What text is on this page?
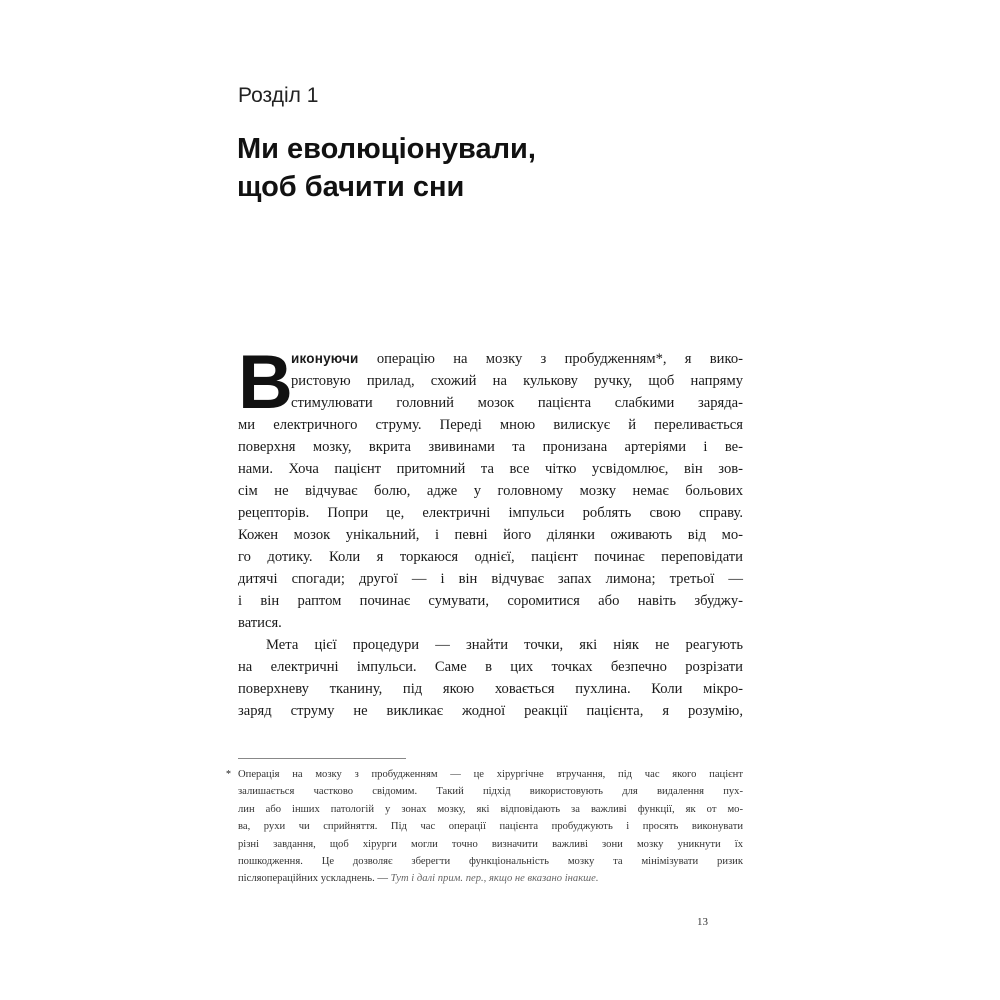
Розділ 1

Ми еволюціонували,
щоб бачити сни
В
иконуючи операцію на мозку з пробудженням*, я вико-
ристовую прилад, схожий на кулькову ручку, щоб напряму
стимулювати головний мозок пацієнта слабкими заряда-
ми електричного струму. Переді мною вилискує й переливається
поверхня мозку, вкрита звивинами та пронизана артеріями і ве-
нами. Хоча пацієнт притомний та все чітко усвідомлює, він зов-
сім не відчуває болю, адже у головному мозку немає больових
рецепторів. Попри це, електричні імпульси роблять свою справу.
Кожен мозок унікальний, і певні його ділянки оживають від мо-
го дотику. Коли я торкаюся однієї, пацієнт починає переповідати
дитячі спогади; другої — і він відчуває запах лимона; третьої —
і він раптом починає сумувати, соромитися або навіть збуджу-
ватися.
Мета цієї процедури — знайти точки, які ніяк не реагують
на електричні імпульси. Саме в цих точках безпечно розрізати
поверхневу тканину, під якою ховається пухлина. Коли мікро-
заряд струму не викликає жодної реакції пацієнта, я розумію,
* Операція на мозку з пробудженням — це хірургічне втручання, під час якого пацієнт
залишається частково свідомим. Такий підхід використовують для видалення пух-
лин або інших патологій у зонах мозку, які відповідають за важливі функції, як от мо-
ва, рухи чи сприйняття. Під час операції пацієнта пробуджують і просять виконувати
різні завдання, щоб хірурги могли точно визначити важливі зони мозку уникнути їх
пошкодження. Це дозволяє зберегти функціональність мозку та мінімізувати ризик
післяопераційних ускладнень. — Тут і далі прим. пер., якщо не вказано інакше.
13
